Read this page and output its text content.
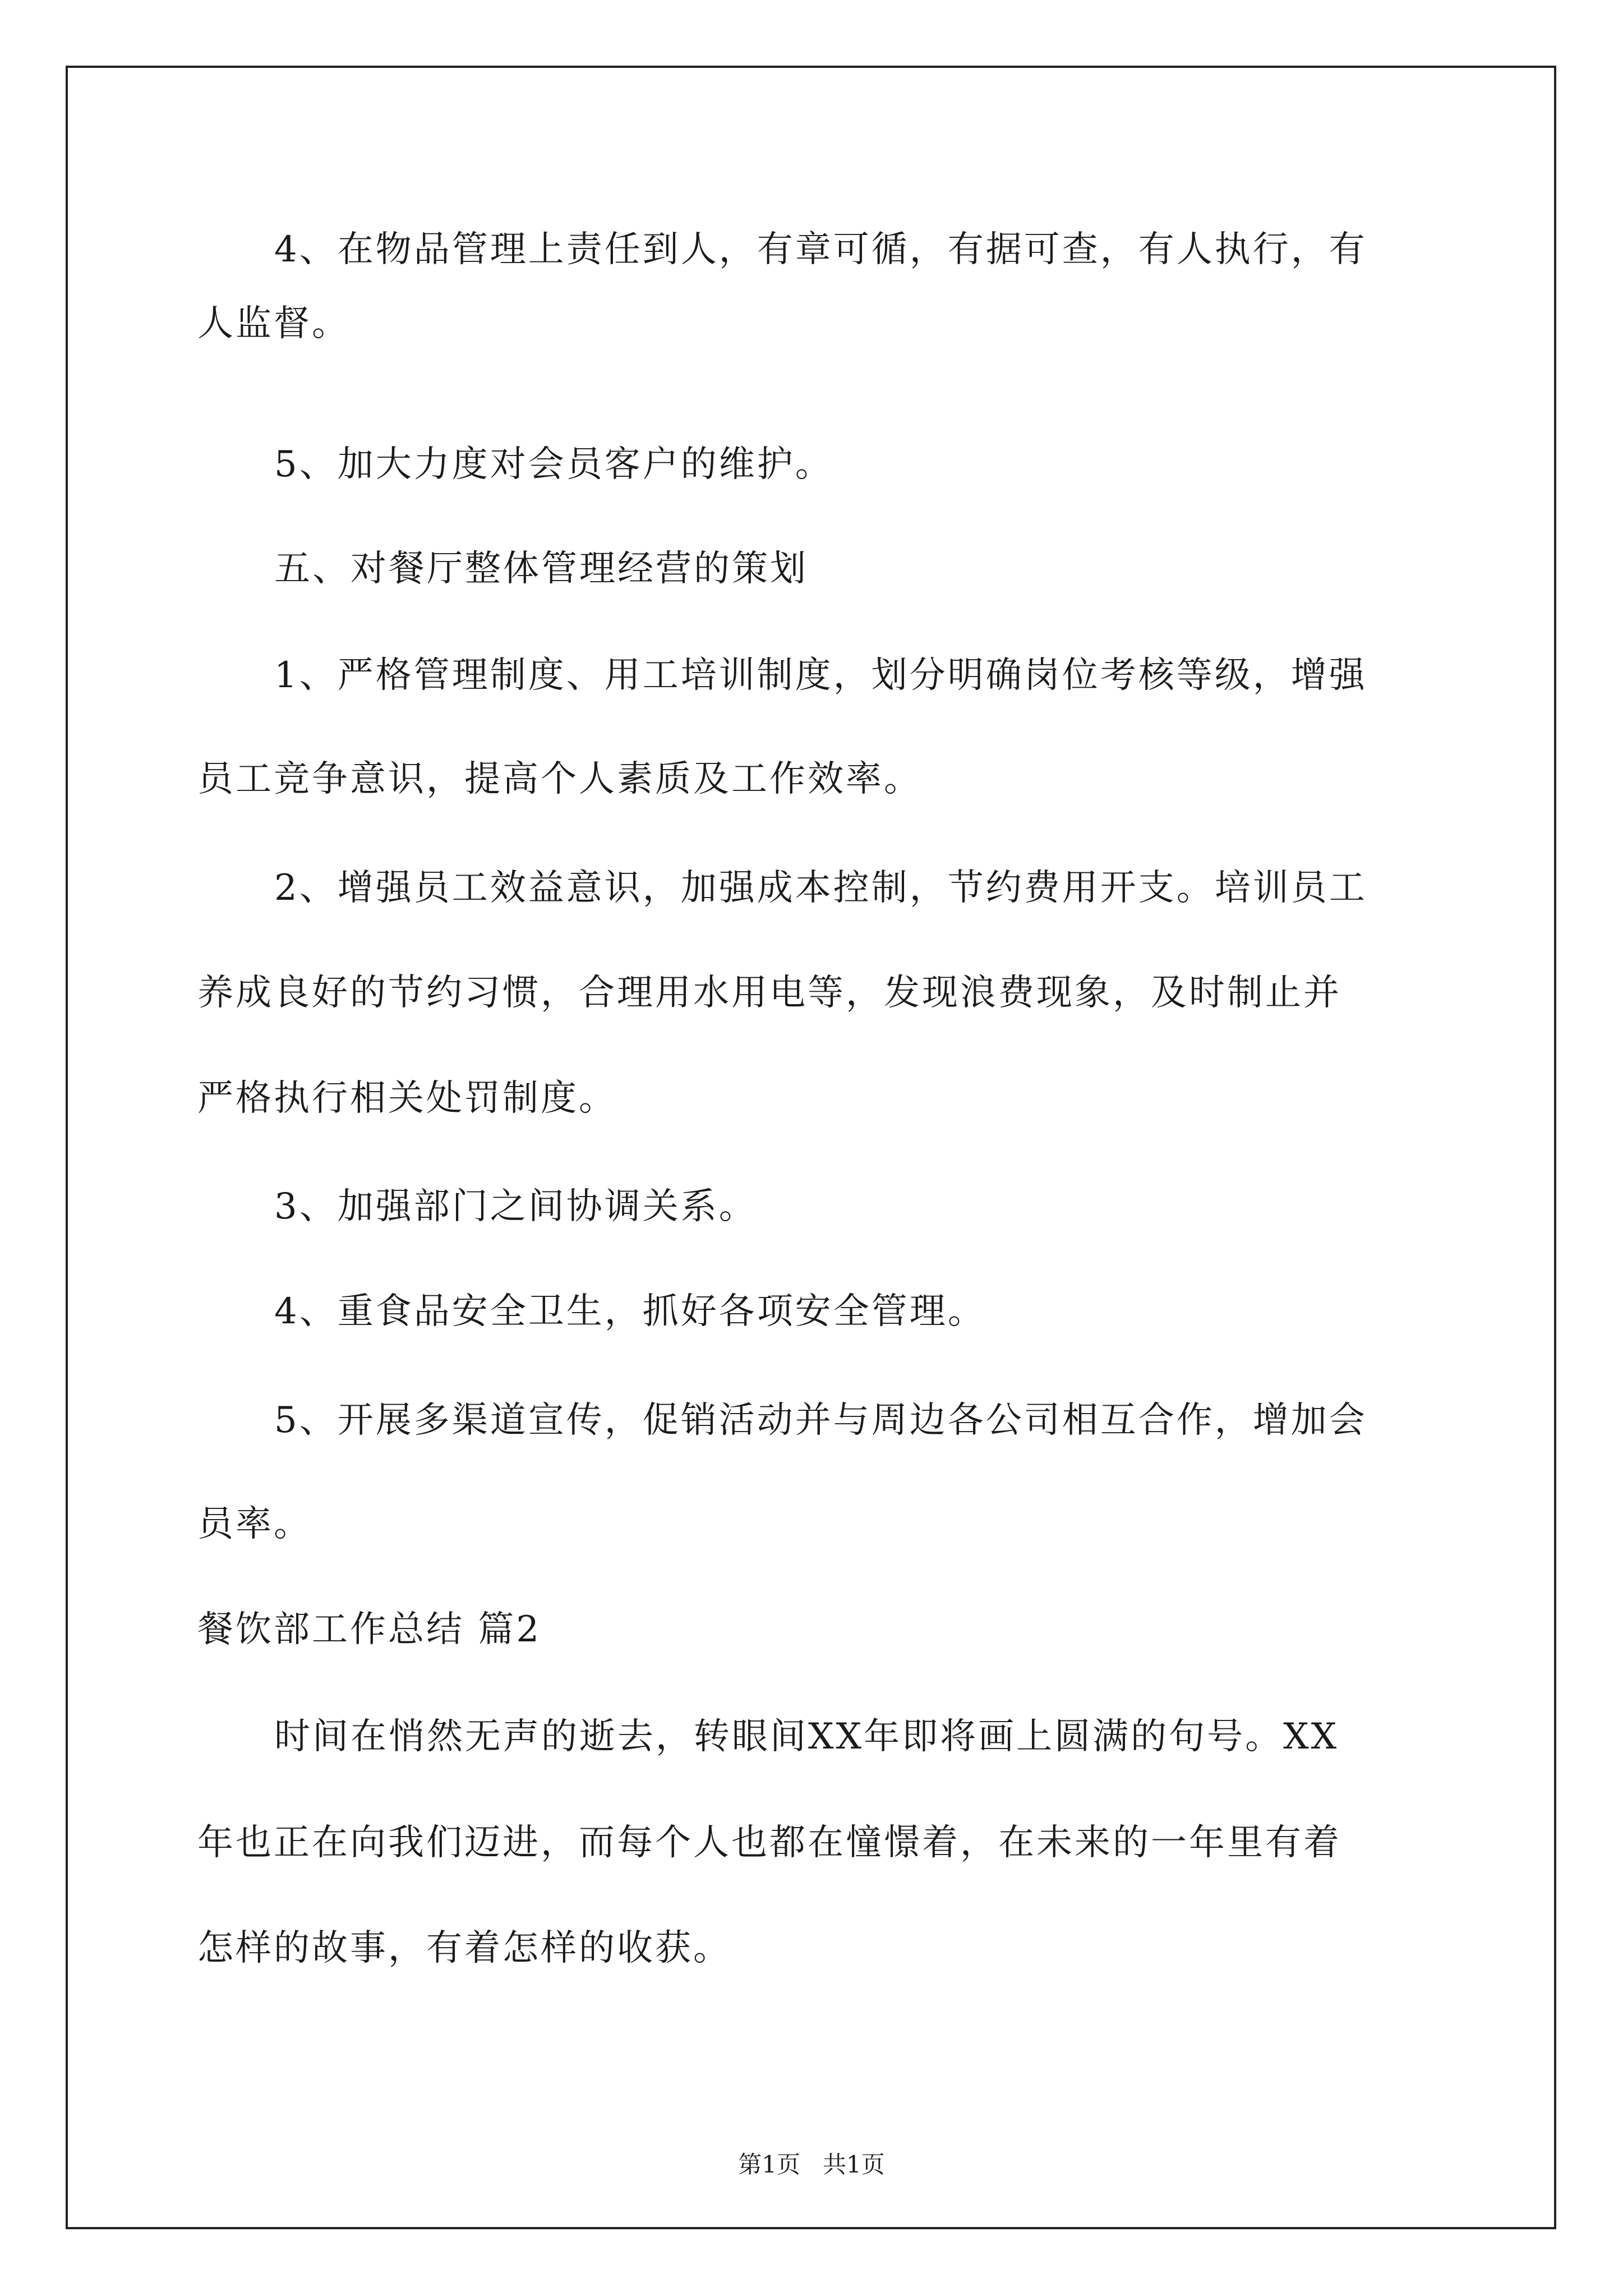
4、在物品管理上责任到人，有章可循，有据可查，有人执行，有
人监督。
5、加大力度对会员客户的维护。
五、对餐厅整体管理经营的策划
1、严格管理制度、用工培训制度，划分明确岗位考核等级，增强
员工竞争意识，提高个人素质及工作效率。
2、增强员工效益意识，加强成本控制，节约费用开支。培训员工
养成良好的节约习惯，合理用水用电等，发现浪费现象，及时制止并
严格执行相关处罚制度。
3、加强部门之间协调关系。
4、重食品安全卫生，抓好各项安全管理。
5、开展多渠道宣传，促销活动并与周边各公司相互合作，增加会
员率。
餐饮部工作总结 篇2
时间在悄然无声的逝去，转眼间XX年即将画上圆满的句号。XX
年也正在向我们迈进，而每个人也都在憧憬着，在未来的一年里有着
怎样的故事，有着怎样的收获。
第1页   共1页
